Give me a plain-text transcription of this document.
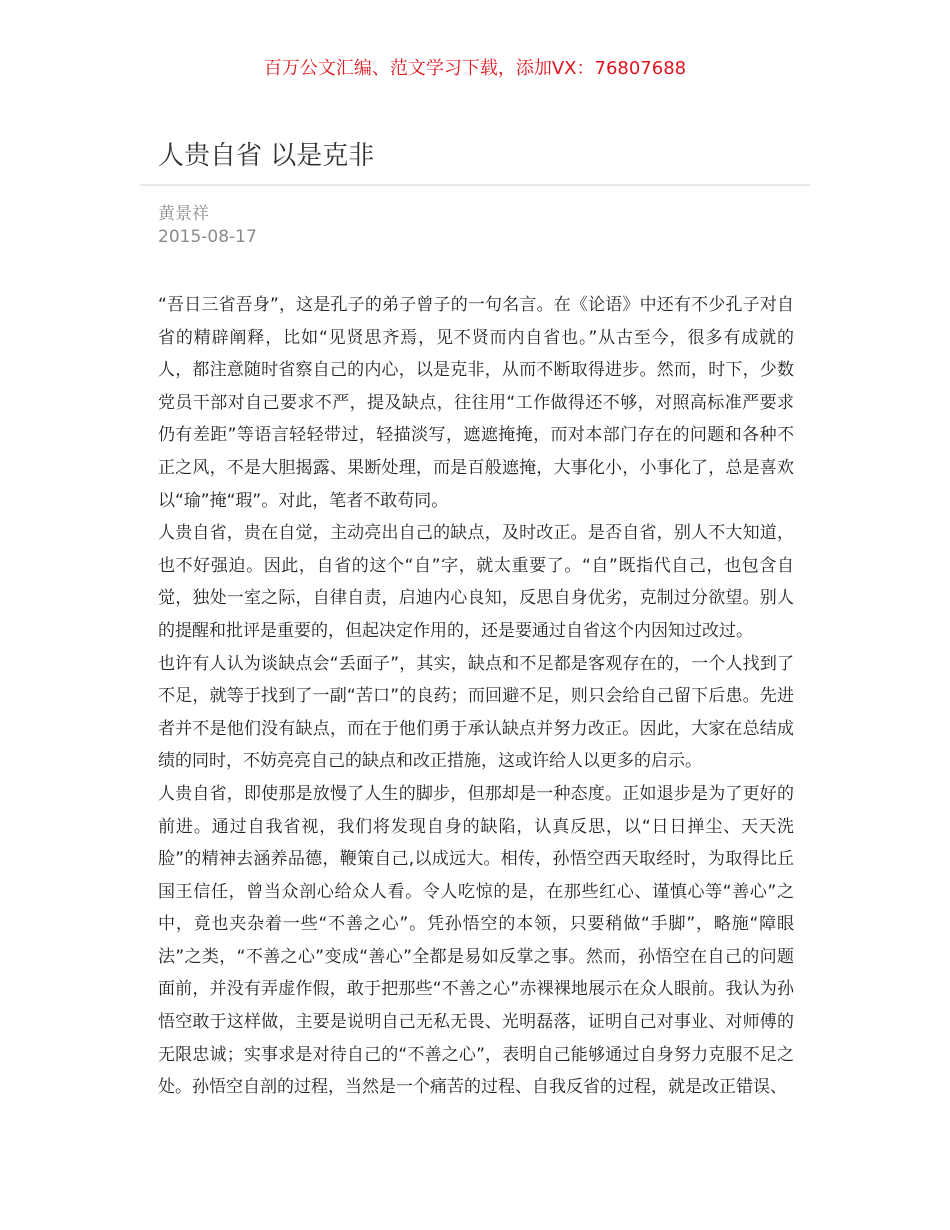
百万公文汇编、范文学习下载，添加VX：76807688
人贵自省 以是克非
黄景祥
2015-08-17

“吾日三省吾身”，这是孔子的弟子曾子的一句名言。在《论语》中还有不少孔子对自省的精辟阐释，比如“见贤思齐焉，见不贤而内自省也。”从古至今，很多有成就的人，都注意随时省察自己的内心，以是克非，从而不断取得进步。然而，时下，少数党员干部对自己要求不严，提及缺点，往往用“工作做得还不够，对照高标准严要求仍有差距”等语言轻轻带过，轻描淡写，遮遮掩掩，而对本部门存在的问题和各种不正之风，不是大胆揭露、果断处理，而是百般遮掩，大事化小，小事化了，总是喜欢以“瑜”掩“瑕”。对此，笔者不敢苟同。

人贵自省，贵在自觉，主动亮出自己的缺点，及时改正。是否自省，别人不大知道，也不好强迫。因此，自省的这个“自”字，就太重要了。“自”既指代自己，也包含自觉，独处一室之际，自律自责，启迪内心良知，反思自身优劣，克制过分欲望。别人的提醒和批评是重要的，但起决定作用的，还是要通过自省这个内因知过改过。

也许有人认为谈缺点会“丢面子”，其实，缺点和不足都是客观存在的，一个人找到了不足，就等于找到了一副“苦口”的良药；而回避不足，则只会给自己留下后患。先进者并不是他们没有缺点，而在于他们勇于承认缺点并努力改正。因此，大家在总结成绩的同时，不妨亮亮自己的缺点和改正措施，这或许给人以更多的启示。

人贵自省，即使那是放慢了人生的脚步，但那却是一种态度。正如退步是为了更好的前进。通过自我省视，我们将发现自身的缺陷，认真反思，以“日日掸尘、天天洗脸”的精神去涵养品德，鞭策自己,以成远大。相传，孙悟空西天取经时，为取得比丘国王信任，曾当众剖心给众人看。令人吃惊的是，在那些红心、谨慎心等“善心”之中，竟也夹杂着一些“不善之心”。凭孙悟空的本领，只要稍做“手脚”，略施“障眼法”之类，“不善之心”变成“善心”全都是易如反掌之事。然而，孙悟空在自己的问题面前，并没有弄虚作假，敢于把那些“不善之心”赤裸裸地展示在众人眼前。我认为孙悟空敢于这样做，主要是说明自己无私无畏、光明磊落，证明自己对事业、对师傅的无限忠诚；实事求是对待自己的“不善之心”，表明自己能够通过自身努力克服不足之处。孙悟空自剖的过程，当然是一个痛苦的过程、自我反省的过程，就是改正错误、
